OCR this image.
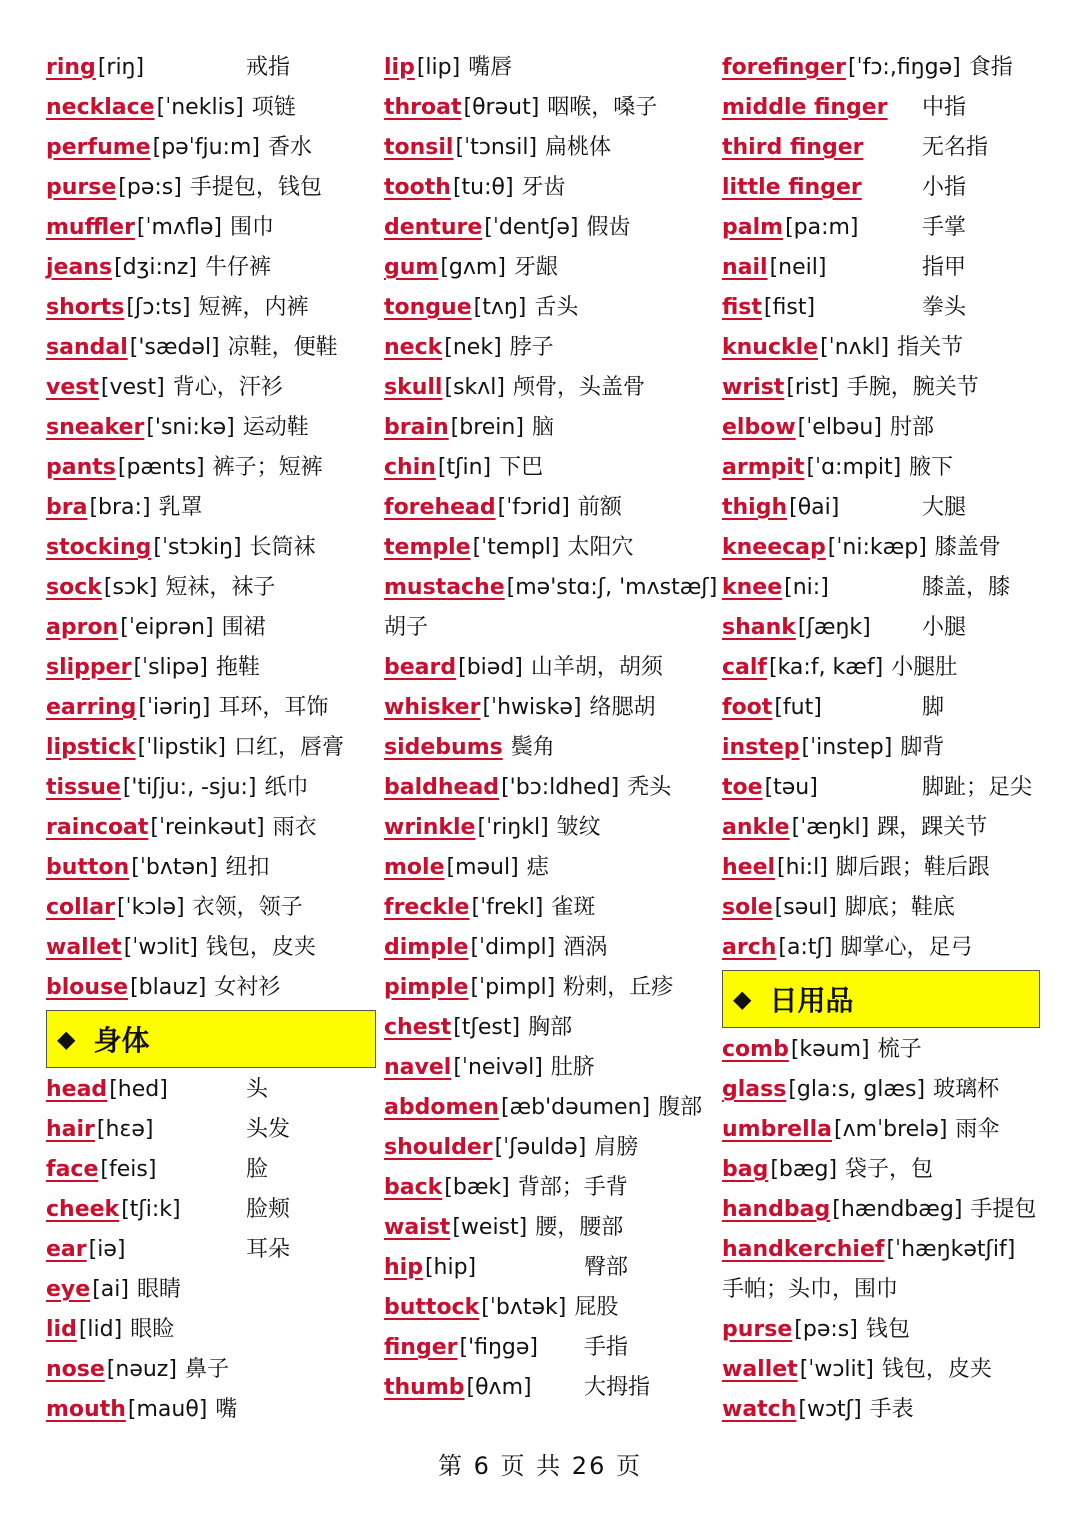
ring[riŋ]	戒指
necklace[ˈneklis] 项链
perfume[pəˈfju:m] 香水
purse[pə:s] 手提包，钱包
muffler[ˈmʌflə] 围巾
jeans[dʒi:nz] 牛仔裤
shorts[ʃɔ:ts] 短裤，内裤
sandal['sædəl] 凉鞋，便鞋
vest[vest] 背心，汗衫
sneaker['sni:kə] 运动鞋
pants[pænts] 裤子；短裤
bra[bra:] 乳罩
stocking[ˈstɔkiŋ] 长筒袜
sock[sɔk] 短袜，袜子
apron[ˈeiprən] 围裙
slipper[ˈslipə] 拖鞋
earring[ˈiəriŋ] 耳环，耳饰
lipstick[ˈlipstik] 口红，唇膏
tissue['tiʃju:, -sju:] 纸巾
raincoat[ˈreinkəut] 雨衣
button[ˈbʌtən] 纽扣
collar[ˈkɔlə] 衣领，领子
wallet[ˈwɔlit] 钱包，皮夹
blouse[blauz] 女衬衫
◆ 身体
head[hed]	头
hair[hɛə]	头发
face[feis]	脸
cheek[tʃi:k]	脸颊
ear[iə]	耳朵
eye[ai] 眼睛
lid[lid] 眼睑
nose[nəuz] 鼻子
mouth[mauθ] 嘴
lip[lip] 嘴唇
throat[θrəut] 咽喉，嗓子
tonsil[ˈtɔnsil] 扁桃体
tooth[tu:θ] 牙齿
denture[ˈdentʃə] 假齿
gum[gʌm] 牙龈
tongue[tʌŋ] 舌头
neck[nek] 脖子
skull[skʌl] 颅骨，头盖骨
brain[brein] 脑
chin[tʃin] 下巴
forehead[ˈfɔrid] 前额
temple[ˈtempl] 太阳穴
mustache[mə'stɑ:ʃ, 'mʌstæʃ]
胡子
beard[biəd] 山羊胡，胡须
whisker[ˈhwiskə] 络腮胡
sidebums 鬓角
baldhead['bɔ:ldhed] 秃头
wrinkle[ˈriŋkl] 皱纹
mole[məul] 痣
freckle[ˈfrekl] 雀斑
dimple[ˈdimpl] 酒涡
pimple[ˈpimpl] 粉刺，丘疹
chest[tʃest] 胸部
navel[ˈneivəl] 肚脐
abdomen[æb'dəumen] 腹部
shoulder[ˈʃəuldə] 肩膀
back[bæk] 背部；手背
waist[weist] 腰，腰部
hip[hip]	臀部
buttock[ˈbʌtək] 屁股
finger['fiŋgə] 手指
thumb[θʌm] 大拇指
forefinger[ˈfɔ:,fiŋgə] 食指
middle finger 中指
third finger	无名指
little finger	小指
palm[pa:m]	手掌
nail[neil]	指甲
fist[fist]	拳头
knuckle[ˈnʌkl] 指关节
wrist[rist] 手腕，腕关节
elbow[ˈelbəu] 肘部
armpit[ˈɑ:mpit] 腋下
thigh[θai]	大腿
kneecap[ˈni:kæp] 膝盖骨
knee[ni:]	膝盖，膝
shank[ʃæŋk] 小腿
calf[ka:f, kæf] 小腿肚
foot[fut]	脚
instep[ˈinstep] 脚背
toe[təu]	脚趾；足尖
ankle[ˈæŋkl] 踝，踝关节
heel[hi:l] 脚后跟；鞋后跟
sole[səul] 脚底；鞋底
arch[a:tʃ] 脚掌心，足弓
◆ 日用品
comb[kəum] 梳子
glass[gla:s, glæs] 玻璃杯
umbrella[ʌmˈbrelə] 雨伞
bag[bæg] 袋子，包
handbag[hændbæg] 手提包
handkerchief[ˈhæŋkətʃif]
手帕；头巾，围巾
purse[pə:s] 钱包
wallet[ˈwɔlit] 钱包，皮夹
watch[wɔtʃ] 手表
第 6 页 共 26 页
